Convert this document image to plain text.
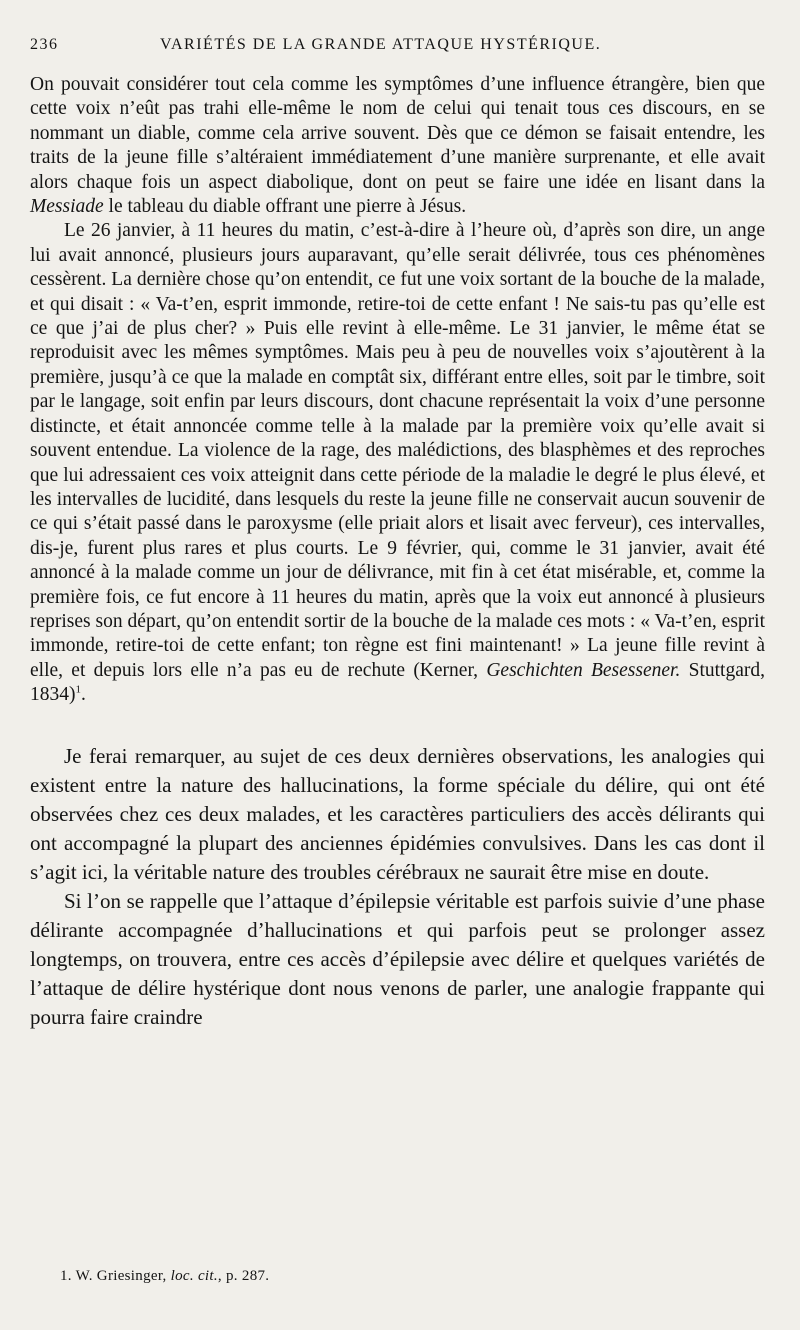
236	VARIÉTÉS DE LA GRANDE ATTAQUE HYSTÉRIQUE.

On pouvait considérer tout cela comme les symptômes d’une influence étrangère, bien que cette voix n’eût pas trahi elle-même le nom de celui qui tenait tous ces discours, en se nommant un diable, comme cela arrive souvent. Dès que ce démon se faisait entendre, les traits de la jeune fille s’altéraient immédiatement d’une manière surprenante, et elle avait alors chaque fois un aspect diabolique, dont on peut se faire une idée en lisant dans la Messiade le tableau du diable offrant une pierre à Jésus.

Le 26 janvier, à 11 heures du matin, c’est-à-dire à l’heure où, d’après son dire, un ange lui avait annoncé, plusieurs jours auparavant, qu’elle serait délivrée, tous ces phénomènes cessèrent. La dernière chose qu’on entendit, ce fut une voix sortant de la bouche de la malade, et qui disait : « Va-t’en, esprit immonde, retire-toi de cette enfant ! Ne sais-tu pas qu’elle est ce que j’ai de plus cher? » Puis elle revint à elle-même. Le 31 janvier, le même état se reproduisit avec les mêmes symptômes. Mais peu à peu de nouvelles voix s’ajoutèrent à la première, jusqu’à ce que la malade en comptât six, différant entre elles, soit par le timbre, soit par le langage, soit enfin par leurs discours, dont chacune représentait la voix d’une personne distincte, et était annoncée comme telle à la malade par la première voix qu’elle avait si souvent entendue. La violence de la rage, des malédictions, des blasphèmes et des reproches que lui adressaient ces voix atteignit dans cette période de la maladie le degré le plus élevé, et les intervalles de lucidité, dans lesquels du reste la jeune fille ne conservait aucun souvenir de ce qui s’était passé dans le paroxysme (elle priait alors et lisait avec ferveur), ces intervalles, dis-je, furent plus rares et plus courts. Le 9 février, qui, comme le 31 janvier, avait été annoncé à la malade comme un jour de délivrance, mit fin à cet état misérable, et, comme la première fois, ce fut encore à 11 heures du matin, après que la voix eut annoncé à plusieurs reprises son départ, qu’on entendit sortir de la bouche de la malade ces mots : « Va-t’en, esprit immonde, retire-toi de cette enfant; ton règne est fini maintenant! » La jeune fille revint à elle, et depuis lors elle n’a pas eu de rechute (Kerner, Geschichten Besessener. Stuttgard, 1834)$^1$.

Je ferai remarquer, au sujet de ces deux dernières observations, les analogies qui existent entre la nature des hallucinations, la forme spéciale du délire, qui ont été observées chez ces deux malades, et les caractères particuliers des accès délirants qui ont accompagné la plupart des anciennes épidémies convulsives. Dans les cas dont il s’agit ici, la véritable nature des troubles cérébraux ne saurait être mise en doute.

Si l’on se rappelle que l’attaque d’épilepsie véritable est parfois suivie d’une phase délirante accompagnée d’hallucinations et qui parfois peut se prolonger assez longtemps, on trouvera, entre ces accès d’épilepsie avec délire et quelques variétés de l’attaque de délire hystérique dont nous venons de parler, une analogie frappante qui pourra faire craindre

1. W. Griesinger, loc. cit., p. 287.
